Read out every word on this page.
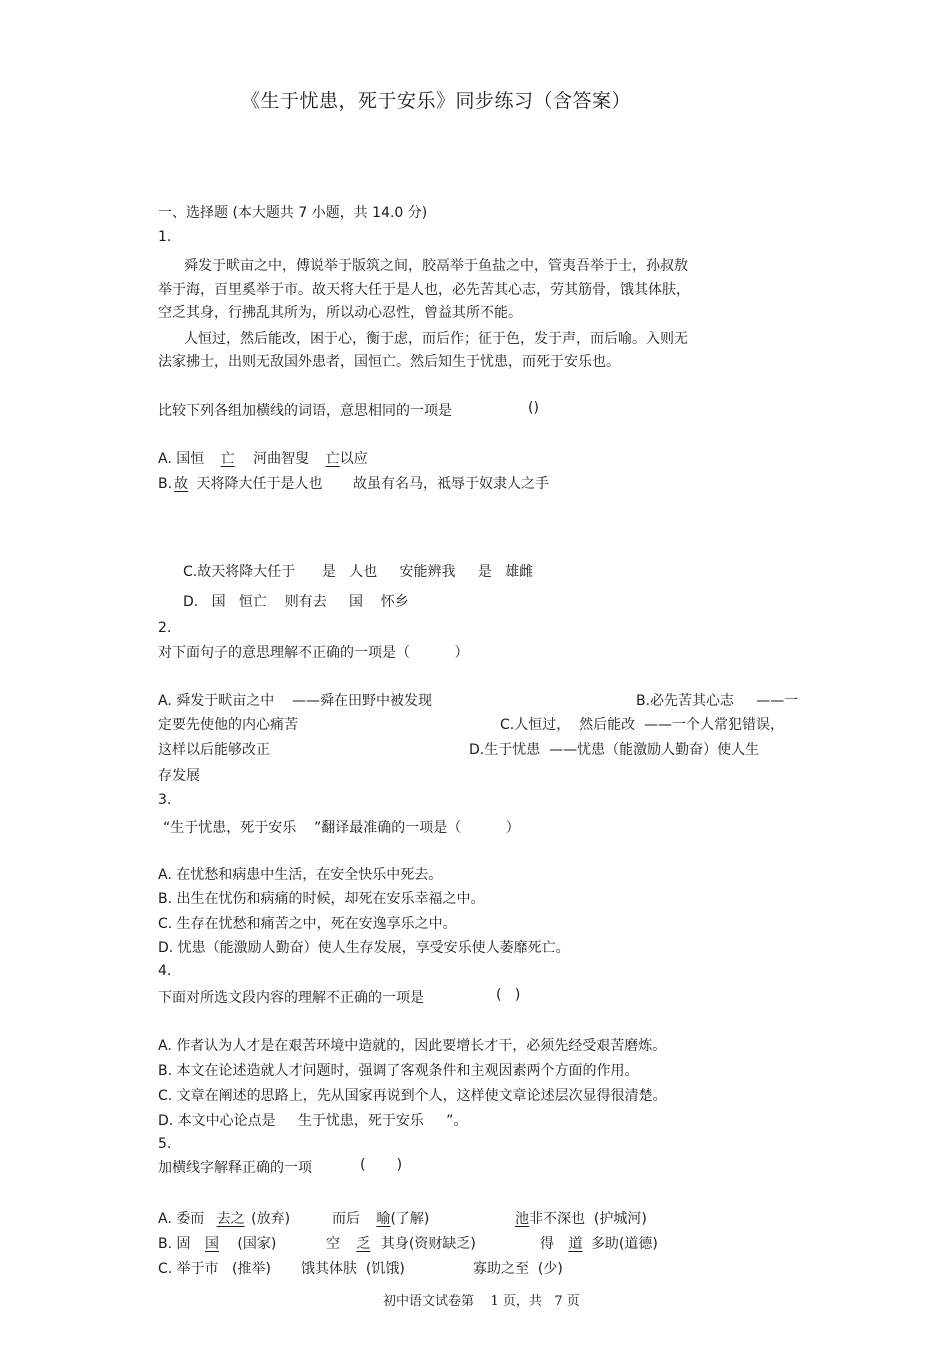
《生于忧患，死于安乐》同步练习（含答案）
一、选择题 (本大题共 7 小题，共 14.0 分)
1.
舜发于畎亩之中，傅说举于版筑之间，胶鬲举于鱼盐之中，管夷吾举于士，孙叔敖
举于海，百里奚举于市。故天将大任于是人也，必先苦其心志，劳其筋骨，饿其体肤，
空乏其身，行拂乱其所为，所以动心忍性，曾益其所不能。
人恒过，然后能改，困于心，衡于虑，而后作；征于色，发于声，而后喻。入则无
法家拂士，出则无敌国外患者，国恒亡。然后知生于忧患，而死于安乐也。
比较下列各组加横线的词语，意思相同的一项是	()
A. 国恒 亡 河曲智叟 亡以应
B. 故 天将降大任于是人也 故虽有名马，祗辱于奴隶人之手
C.故天将降大任于      是   人也     安能辨我     是   雄雌
D.   国   恒亡    则有去     国    怀乡
2.
对下面句子的意思理解不正确的一项是（          ）
A. 舜发于畎亩之中    ——舜在田野中被发现	B.必先苦其心志     ——一
定要先使他的内心痛苦	C.人恒过，  然后能改  ——一个人常犯错误，
这样以后能够改正	D.生于忧患  ——忧患（能激励人勤奋）使人生
存发展
3.
“生于忧患，死于安乐    ”翻译最准确的一项是（          ）
A. 在忧愁和病患中生活，在安全快乐中死去。
B. 出生在忧伤和病痛的时候，却死在安乐幸福之中。
C. 生存在忧愁和痛苦之中，死在安逸享乐之中。
D. 忧患（能激励人勤奋）使人生存发展，享受安乐使人萎靡死亡。
4.
下面对所选文段内容的理解不正确的一项是	(   )
A. 作者认为人才是在艰苦环境中造就的，因此要增长才干，必须先经受艰苦磨炼。
B. 本文在论述造就人才问题时，强调了客观条件和主观因素两个方面的作用。
C. 文章在阐述的思路上，先从国家再说到个人，这样使文章论述层次显得很清楚。
D. 本文中心论点是     生于忧患，死于安乐     ”。
5.
加横线字解释正确的一项	(       )
A. 委而 去之 (放弃)	而后 喻(了解)	池非不深也  (护城河)
B. 固 国 (国家)	空 乏 其身(资财缺乏)	得 道 多助(道德)
C. 举于市   (推举) 饿其体肤  (饥饿)	寡助之至  (少)
初中语文试卷第    1 页，共   7 页
